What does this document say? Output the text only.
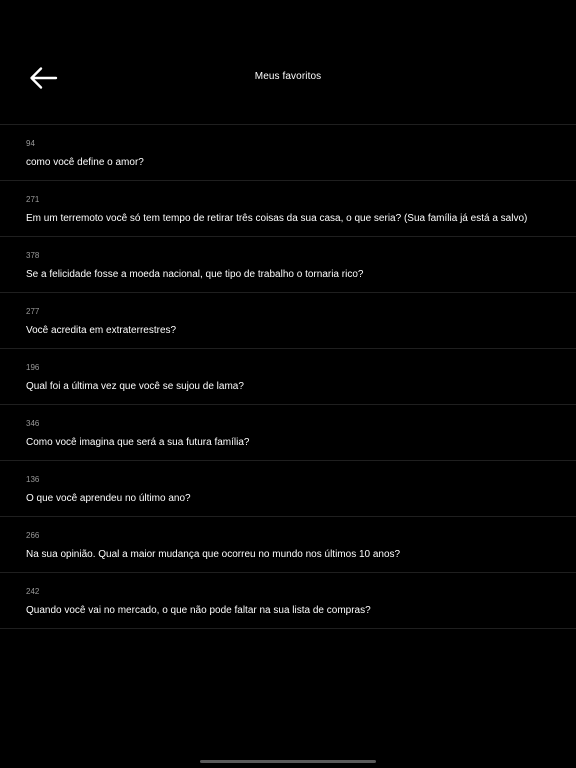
Meus favoritos
94
como você define o amor?
271
Em um terremoto você só tem tempo de retirar três coisas da sua casa, o que seria? (Sua família já está a salvo)
378
Se a felicidade fosse a moeda nacional, que tipo de trabalho o tornaria rico?
277
Você acredita em extraterrestres?
196
Qual foi a última vez que você se sujou de lama?
346
Como você imagina que será a sua futura família?
136
O que você aprendeu no último ano?
266
Na sua opinião. Qual a maior mudança que ocorreu no mundo nos últimos 10 anos?
242
Quando você vai no mercado, o que não pode faltar na sua lista de compras?
